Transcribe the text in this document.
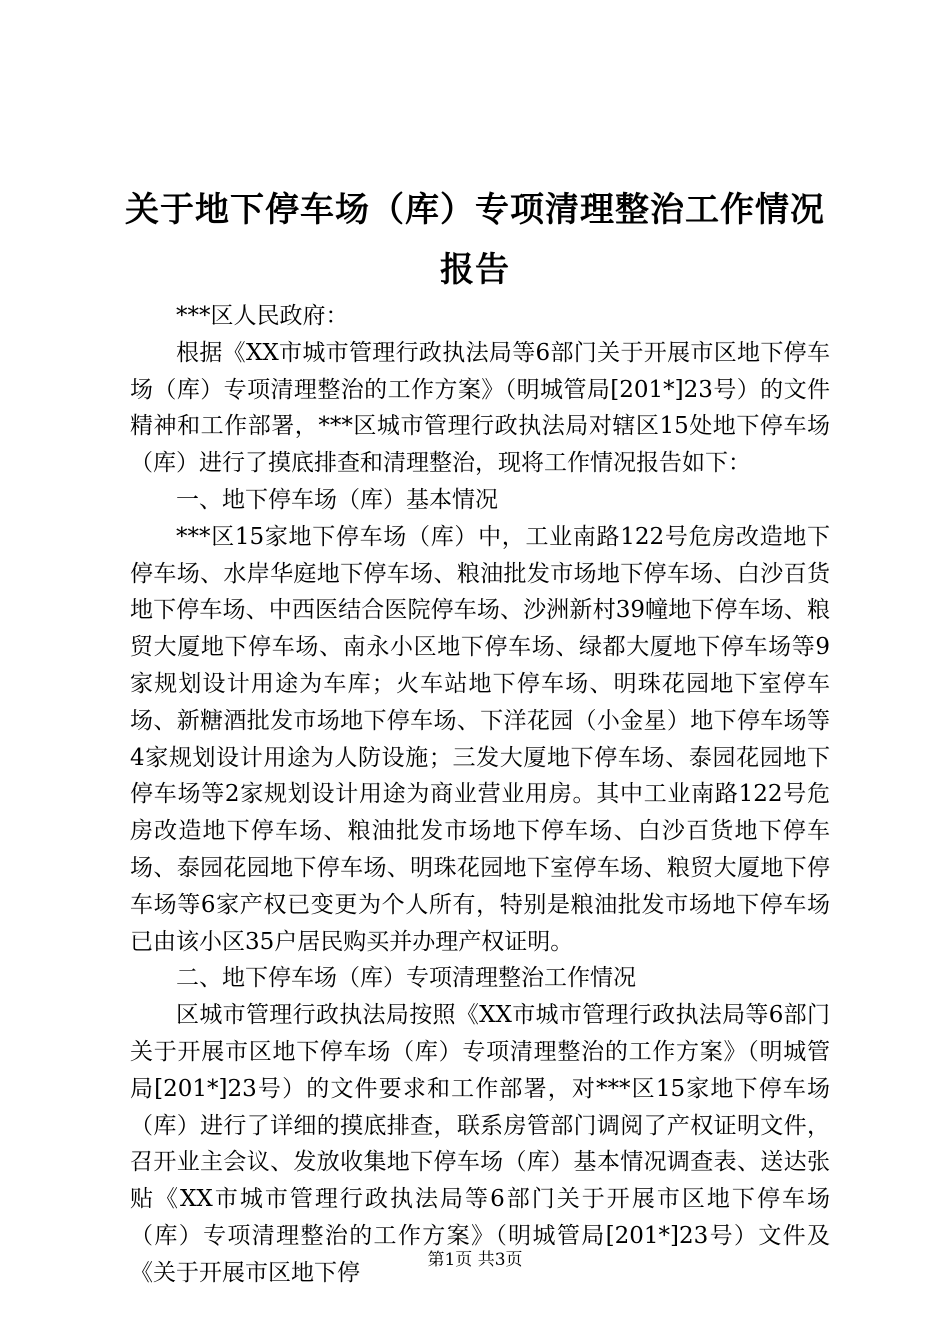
关于地下停车场（库）专项清理整治工作情况
报告

***区人民政府：

根据《XX市城市管理行政执法局等6部门关于开展市区地下停车场（库）专项清理整治的工作方案》（明城管局[201*]23号）的文件精神和工作部署，***区城市管理行政执法局对辖区15处地下停车场（库）进行了摸底排查和清理整治，现将工作情况报告如下：

一、地下停车场（库）基本情况

***区15家地下停车场（库）中，工业南路122号危房改造地下停车场、水岸华庭地下停车场、粮油批发市场地下停车场、白沙百货地下停车场、中西医结合医院停车场、沙洲新村39幢地下停车场、粮贸大厦地下停车场、南永小区地下停车场、绿都大厦地下停车场等9家规划设计用途为车库；火车站地下停车场、明珠花园地下室停车场、新糖酒批发市场地下停车场、下洋花园（小金星）地下停车场等4家规划设计用途为人防设施；三发大厦地下停车场、泰园花园地下停车场等2家规划设计用途为商业营业用房。其中工业南路122号危房改造地下停车场、粮油批发市场地下停车场、白沙百货地下停车场、泰园花园地下停车场、明珠花园地下室停车场、粮贸大厦地下停车场等6家产权已变更为个人所有，特别是粮油批发市场地下停车场已由该小区35户居民购买并办理产权证明。

二、地下停车场（库）专项清理整治工作情况

区城市管理行政执法局按照《XX市城市管理行政执法局等6部门关于开展市区地下停车场（库）专项清理整治的工作方案》（明城管局[201*]23号）的文件要求和工作部署，对***区15家地下停车场（库）进行了详细的摸底排查，联系房管部门调阅了产权证明文件，召开业主会议、发放收集地下停车场（库）基本情况调查表、送达张贴《XX市城市管理行政执法局等6部门关于开展市区地下停车场（库）专项清理整治的工作方案》（明城管局[201*]23号）文件及《关于开展市区地下停	第1页 共3页
